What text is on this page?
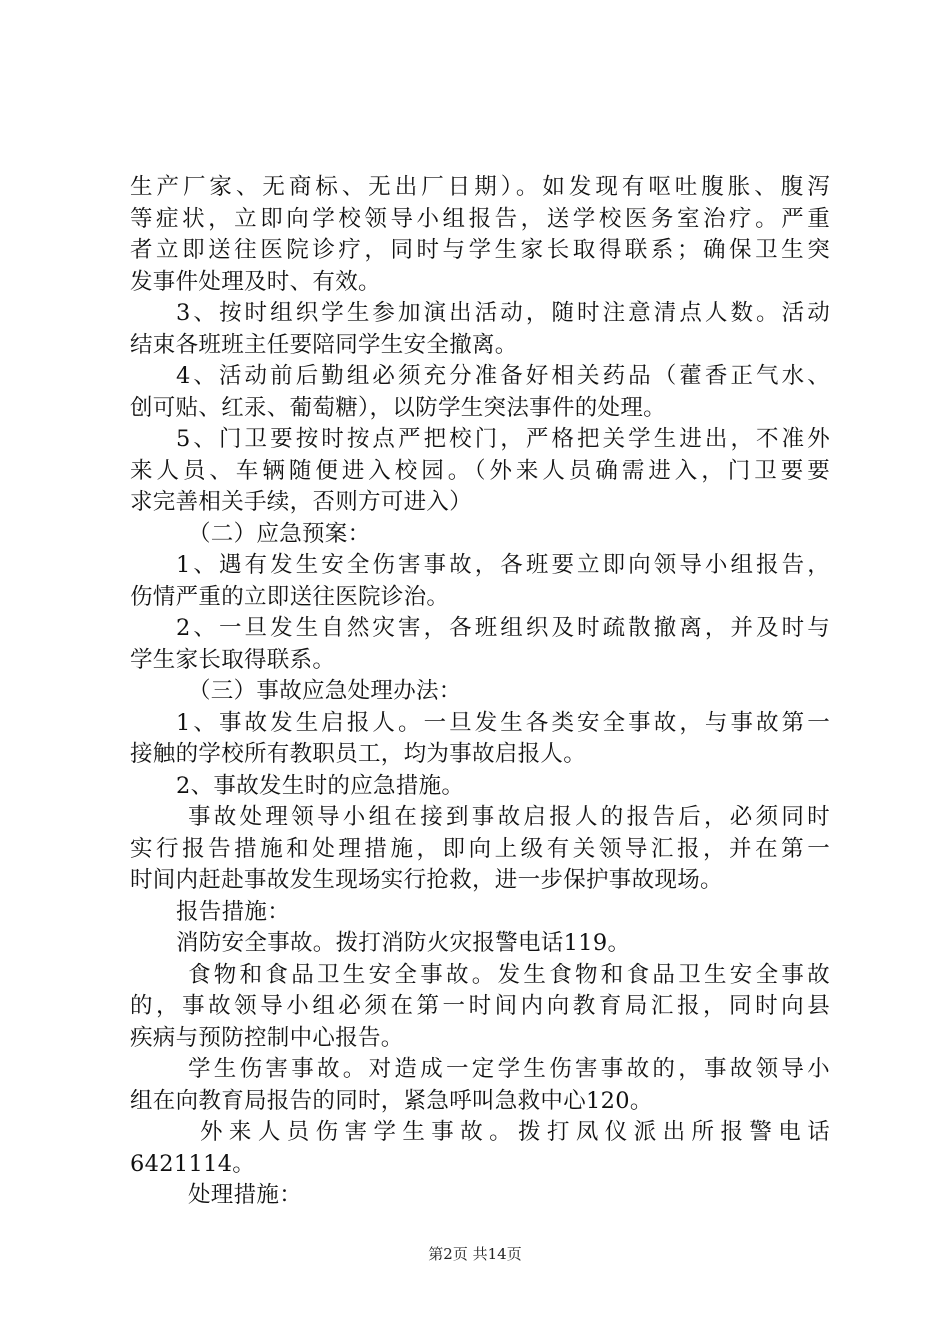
生产厂家、无商标、无出厂日期）。如发现有呕吐腹胀、腹泻
等症状，立即向学校领导小组报告，送学校医务室治疗。严重
者立即送往医院诊疗，同时与学生家长取得联系；确保卫生突
发事件处理及时、有效。
3、按时组织学生参加演出活动，随时注意清点人数。活动
结束各班班主任要陪同学生安全撤离。
4、活动前后勤组必须充分准备好相关药品（藿香正气水、
创可贴、红汞、葡萄糖），以防学生突法事件的处理。
5、门卫要按时按点严把校门，严格把关学生进出，不准外
来人员、车辆随便进入校园。（外来人员确需进入，门卫要要
求完善相关手续，否则方可进入）
（二）应急预案：
1、遇有发生安全伤害事故，各班要立即向领导小组报告，
伤情严重的立即送往医院诊治。
2、一旦发生自然灾害，各班组织及时疏散撤离，并及时与
学生家长取得联系。
（三）事故应急处理办法：
1、事故发生启报人。一旦发生各类安全事故，与事故第一
接触的学校所有教职员工，均为事故启报人。
2、事故发生时的应急措施。
事故处理领导小组在接到事故启报人的报告后，必须同时
实行报告措施和处理措施，即向上级有关领导汇报，并在第一
时间内赶赴事故发生现场实行抢救，进一步保护事故现场。
报告措施：
消防安全事故。拨打消防火灾报警电话119。
食物和食品卫生安全事故。发生食物和食品卫生安全事故
的，事故领导小组必须在第一时间内向教育局汇报，同时向县
疾病与预防控制中心报告。
学生伤害事故。对造成一定学生伤害事故的，事故领导小
组在向教育局报告的同时，紧急呼叫急救中心120。
外来人员伤害学生事故。拨打凤仪派出所报警电话
6421114。
处理措施：
第2页 共14页
